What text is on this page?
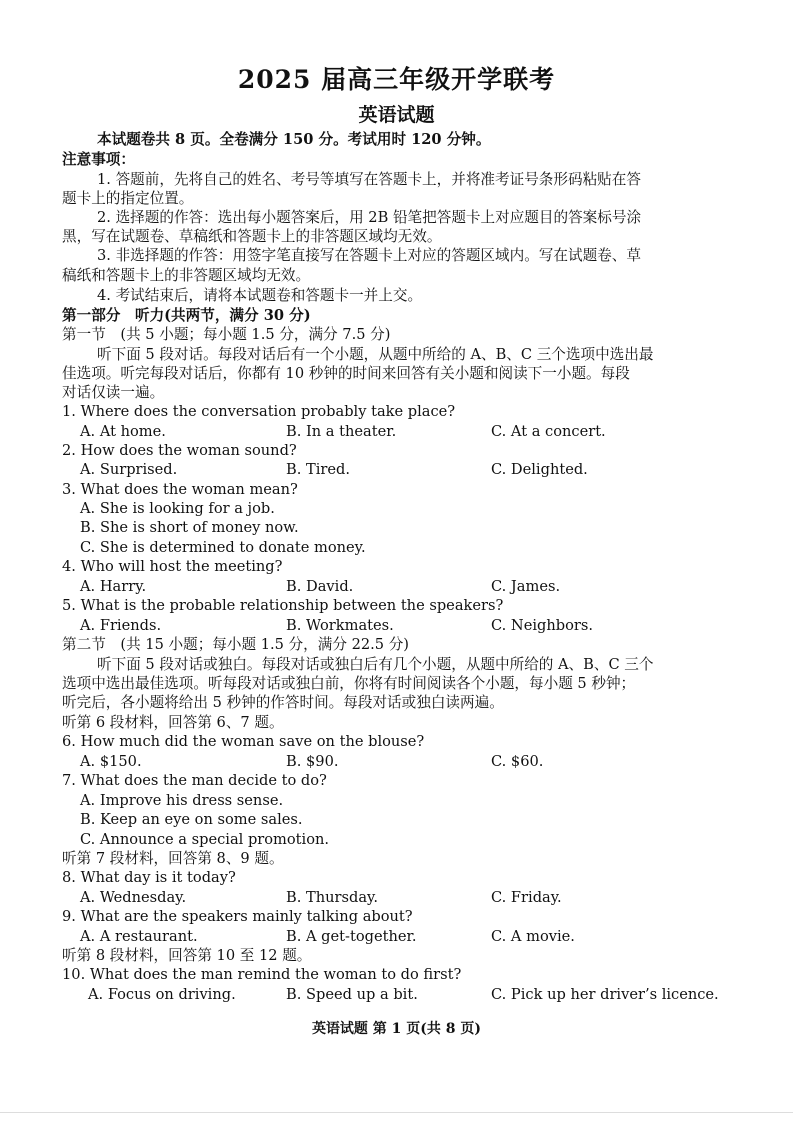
2025 届高三年级开学联考
英语试题
本试题卷共 8 页。全卷满分 150 分。考试用时 120 分钟。
注意事项：
1. 答题前，先将自己的姓名、考号等填写在答题卡上，并将准考证号条形码粘贴在答
题卡上的指定位置。
2. 选择题的作答：选出每小题答案后，用 2B 铅笔把答题卡上对应题目的答案标号涂
黑，写在试题卷、草稿纸和答题卡上的非答题区域均无效。
3. 非选择题的作答：用签字笔直接写在答题卡上对应的答题区域内。写在试题卷、草
稿纸和答题卡上的非答题区域均无效。
4. 考试结束后，请将本试题卷和答题卡一并上交。
第一部分　听力(共两节，满分 30 分)
第一节　(共 5 小题；每小题 1.5 分，满分 7.5 分)
听下面 5 段对话。每段对话后有一个小题，从题中所给的 A、B、C 三个选项中选出最
佳选项。听完每段对话后，你都有 10 秒钟的时间来回答有关小题和阅读下一小题。每段
对话仅读一遍。
1. Where does the conversation probably take place?
A. At home.	B. In a theater.	C. At a concert.
2. How does the woman sound?
A. Surprised.	B. Tired.	C. Delighted.
3. What does the woman mean?
A. She is looking for a job.
B. She is short of money now.
C. She is determined to donate money.
4. Who will host the meeting?
A. Harry.	B. David.	C. James.
5. What is the probable relationship between the speakers?
A. Friends.	B. Workmates.	C. Neighbors.
第二节　(共 15 小题；每小题 1.5 分，满分 22.5 分)
听下面 5 段对话或独白。每段对话或独白后有几个小题，从题中所给的 A、B、C 三个
选项中选出最佳选项。听每段对话或独白前，你将有时间阅读各个小题，每小题 5 秒钟；
听完后，各小题将给出 5 秒钟的作答时间。每段对话或独白读两遍。
听第 6 段材料，回答第 6、7 题。
6. How much did the woman save on the blouse?
A. $150.	B. $90.	C. $60.
7. What does the man decide to do?
A. Improve his dress sense.
B. Keep an eye on some sales.
C. Announce a special promotion.
听第 7 段材料，回答第 8、9 题。
8. What day is it today?
A. Wednesday.	B. Thursday.	C. Friday.
9. What are the speakers mainly talking about?
A. A restaurant.	B. A get-together.	C. A movie.
听第 8 段材料，回答第 10 至 12 题。
10. What does the man remind the woman to do first?
A. Focus on driving.	B. Speed up a bit.	C. Pick up her driver’s licence.
英语试题 第 1 页(共 8 页)
